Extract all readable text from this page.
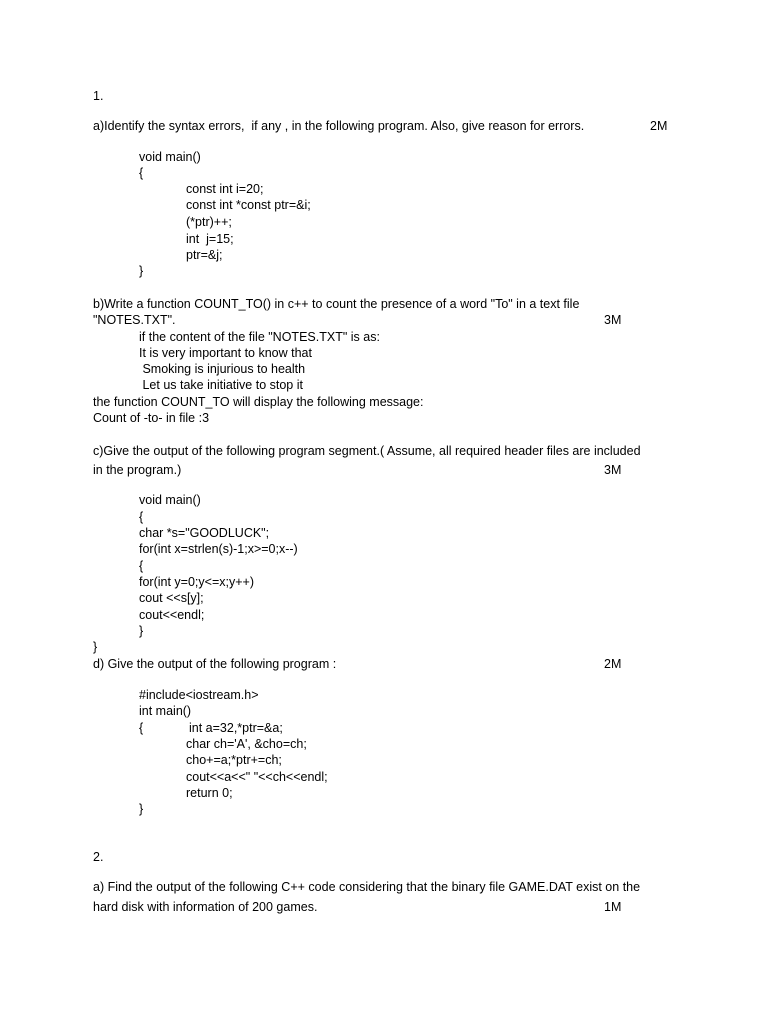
1.
a)Identify the syntax errors,  if any , in the following program. Also, give reason for errors.	2M
void main()
{
const int i=20;
const int *const ptr=&i;
(*ptr)++;
int  j=15;
ptr=&j;
}
b)Write a function COUNT_TO() in c++ to count the presence of a word "To" in a text file
"NOTES.TXT".	3M
if the content of the file "NOTES.TXT" is as:
It is very important to know that
Smoking is injurious to health
Let us take initiative to stop it
the function COUNT_TO will display the following message:
Count of -to- in file :3
c)Give the output of the following program segment.( Assume, all required header files are included
in the program.)	3M
void main()
{
char *s="GOODLUCK";
for(int x=strlen(s)-1;x>=0;x--)
{
for(int y=0;y<=x;y++)
cout <<s[y];
cout<<endl;
}
}
d) Give the output of the following program :	2M
#include<iostream.h>
int main()
{	int a=32,*ptr=&a;
char ch='A', &cho=ch;
cho+=a;*ptr+=ch;
cout<<a<<" "<<ch<<endl;
return 0;
}
2.
a) Find the output of the following C++ code considering that the binary file GAME.DAT exist on the
hard disk with information of 200 games.	1M
